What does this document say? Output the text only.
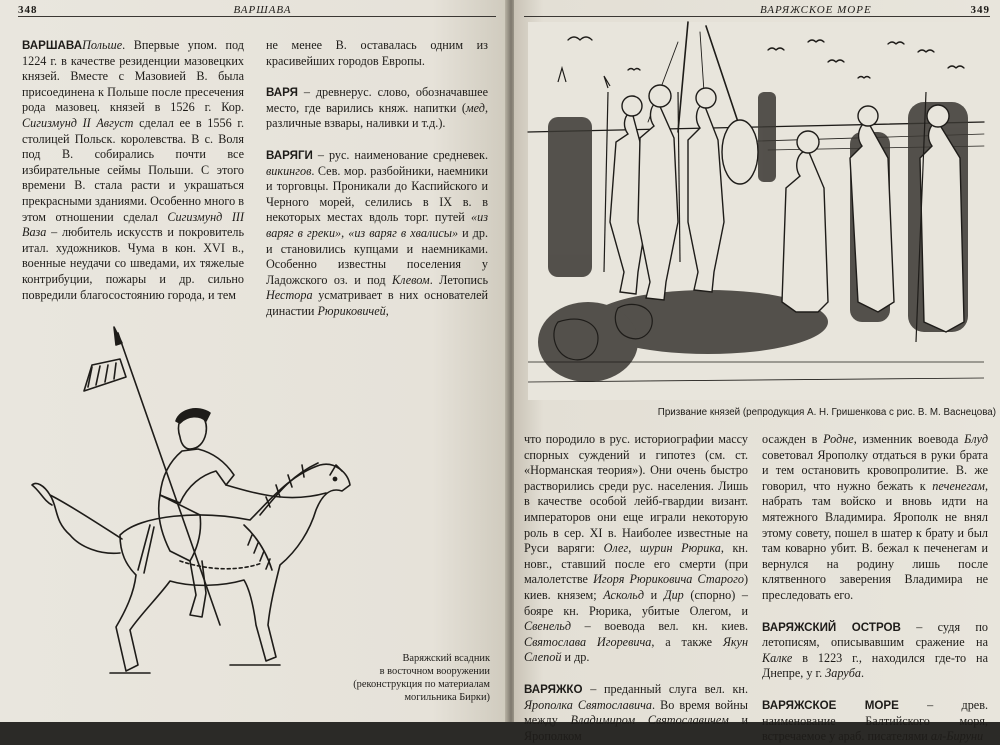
348	ВАРШАВА
ВАРШАВАПольше. Впервые упом. под 1224 г. в качестве резиденции мазовецких князей. Вместе с Мазовией В. была присоединена к Польше после пресечения рода мазовец. князей в 1526 г. Кор. Сигизмунд II Август сделал ее в 1556 г. столицей Польск. королевства. В с. Воля под В. собирались почти все избирательные сеймы Польши. С этого времени В. стала расти и украшаться прекрасными зданиями. Особенно много в этом отношении сделал Сигизмунд III Ваза – любитель искусств и покровитель итал. художников. Чума в кон. XVI в., военные неудачи со шведами, их тяжелые контрибуции, пожары и др. сильно повредили благосостоянию города, и тем

не менее В. оставалась одним из красивейших городов Европы.

ВАРЯ – древнерус. слово, обозначавшее место, где варились княж. напитки (мед, различные взвары, наливки и т.д.).

ВАРЯГИ – рус. наименование средневек. викингов. Сев. мор. разбойники, наемники и торговцы. Проникали до Каспийского и Черного морей, селились в IX в. в некоторых местах вдоль торг. путей «из варяг в греки», «из варяг в хвалисы» и др. и становились купцами и наемниками. Особенно известны поселения у Ладожского оз. и под Клевом. Летопись Нестора усматривает в них основателей династии Рюриковичей,

Варяжский всадник
в восточном вооружении
(реконструкция по материалам
могильника Бирки)
ВАРЯЖСКОЕ МОРЕ	349
Призвание князей (репродукция А. Н. Гришенкова с рис. В. М. Васнецова)

что породило в рус. историографии массу спорных суждений и гипотез (см. ст. «Норманская теория»). Они очень быстро растворились среди рус. населения. Лишь в качестве особой лейб-гвардии визант. императоров они еще играли некоторую роль в сер. XI в. Наиболее известные на Руси варяги: Олег, шурин Рюрика, кн. новг., ставший после его смерти (при малолетстве Игоря Рюриковича Старого) киев. князем; Аскольд и Дир (спорно) – бояре кн. Рюрика, убитые Олегом, и Свенельд – воевода вел. кн. киев. Святослава Игоревича, а также Якун Слепой и др.

ВАРЯЖКО – преданный слуга вел. кн. Ярополка Святославича. Во время войны между Владимиром Святославичем и Ярополком

осажден в Родне, изменник воевода Блуд советовал Ярополку отдаться в руки брата и тем остановить кровопролитие. В. же говорил, что нужно бежать к печенегам, набрать там войско и вновь идти на мятежного Владимира. Ярополк не внял этому совету, пошел в шатер к брату и был там коварно убит. В. бежал к печенегам и вернулся на родину лишь после клятвенного заверения Владимира не преследовать его.

ВАРЯЖСКИЙ ОСТРОВ – судя по летописям, описывавшим сражение на Калке в 1223 г., находился где-то на Днепре, у г. Заруба.

ВАРЯЖСКОЕ МОРЕ – древ. наименование Балтийского моря, встречаемое у араб. писателями ал-Бируни
